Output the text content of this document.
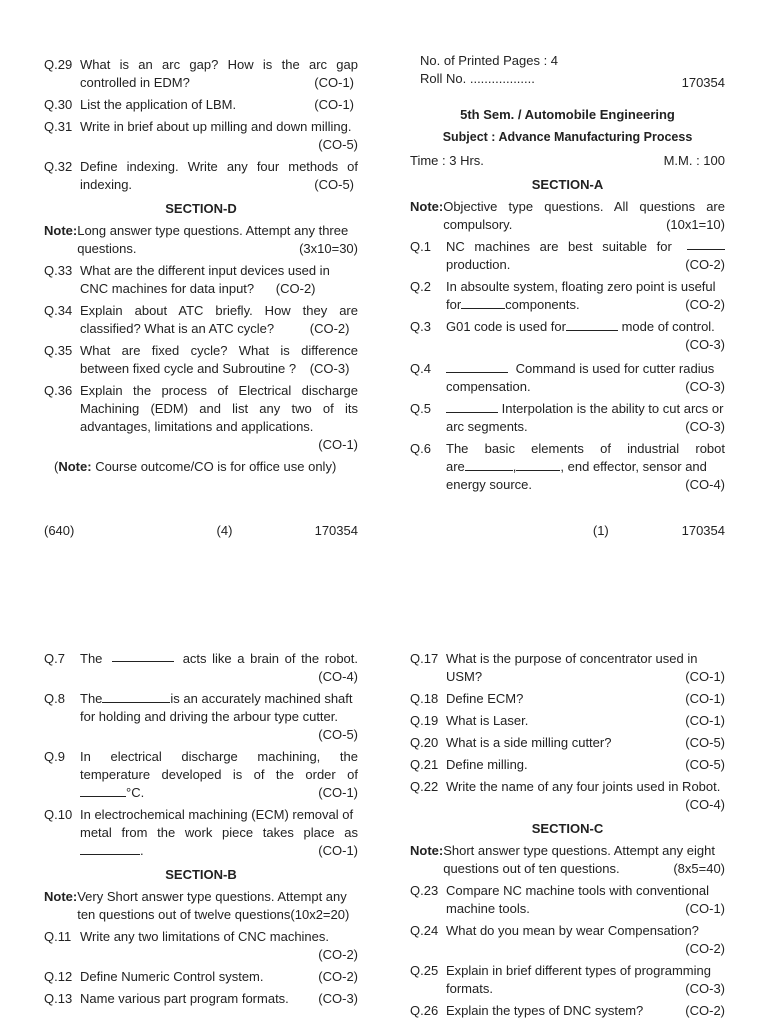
Q.29 What is an arc gap? How is the arc gap
controlled in EDM?	(CO-1)
Q.30 List the application of LBM.	(CO-1)
Q.31 Write in brief about up milling and down milling.
(CO-5)
Q.32 Define indexing. Write any four methods of
indexing.	(CO-5)
SECTION-D
Note: Long answer type questions. Attempt any three
questions.	(3x10=30)
Q.33 What are the different input devices used in
CNC machines for data input? (CO-2)
Q.34 Explain about ATC briefly. How they are
classified? What is an ATC cycle?	(CO-2)
Q.35 What are fixed cycle? What is difference
between fixed cycle and Subroutine ? (CO-3)
Q.36 Explain the process of Electrical discharge Machining (EDM) and list any two of its advantages, limitations and applications.
(CO-1)
(Note: Course outcome/CO is for office use only)
(640)	(4)	170354
No. of Printed Pages : 4
Roll No. ..................	170354
5th Sem. / Automobile Engineering
Subject : Advance Manufacturing Process
Time : 3 Hrs.	M.M. : 100
SECTION-A
Note: Objective type questions. All questions are
compulsory.	(10x1=10)
Q.1	NC machines are best suitable for
production.	(CO-2)
Q.2	In absoulte system, floating zero point is useful
for	components.	(CO-2)
Q.3	G01 code is used for	mode of control.
(CO-3)
Q.4	Command is used for cutter radius
compensation.	(CO-3)
Q.5	Interpolation is the ability to cut arcs or
arc segments.	(CO-3)
Q.6	The basic elements of industrial robot
are	,	, end effector, sensor and
energy source.	(CO-4)
(1)	170354
Q.7	The	acts like a brain of the robot.
(CO-4)
Q.8	The	is an accurately machined shaft
for holding and driving the arbour type cutter.
(CO-5)
Q.9	In electrical discharge machining, the
temperature developed is of the order of
°C.	(CO-1)
Q.10 In electrochemical machining (ECM) removal of
metal from the work piece takes place as
.	(CO-1)
SECTION-B
Note: Very Short answer type questions. Attempt any
ten questions out of twelve questions(10x2=20)
Q.11 Write any two limitations of CNC machines.
(CO-2)
Q.12 Define Numeric Control system.	(CO-2)
Q.13 Name various part program formats. (CO-3)
Q.17 What is the purpose of concentrator used in
USM?	(CO-1)
Q.18 Define ECM?	(CO-1)
Q.19 What is Laser.	(CO-1)
Q.20 What is a side milling cutter?	(CO-5)
Q.21 Define milling.	(CO-5)
Q.22 Write the name of any four joints used in Robot.
(CO-4)
SECTION-C
Note: Short answer type questions. Attempt any eight
questions out of ten questions.	(8x5=40)
Q.23 Compare NC machine tools with conventional
machine tools.	(CO-1)
Q.24 What do you mean by wear Compensation?
(CO-2)
Q.25 Explain in brief different types of programming
formats.	(CO-3)
Q.26 Explain the types of DNC system?	(CO-2)
